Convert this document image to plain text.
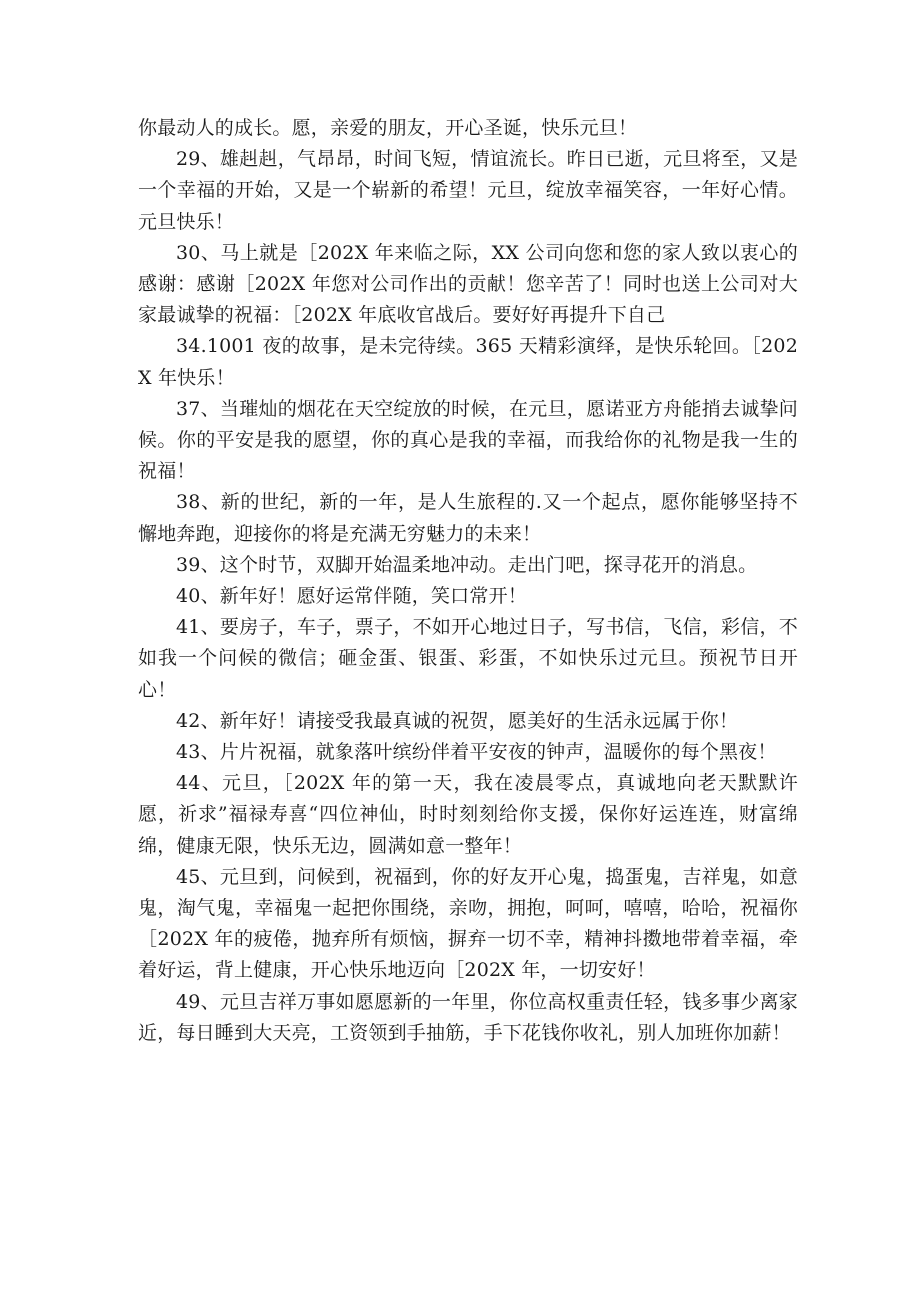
你最动人的成长。愿，亲爱的朋友，开心圣诞，快乐元旦！

29、雄赳赳，气昂昂，时间飞短，情谊流长。昨日已逝，元旦将至，又是一个幸福的开始，又是一个崭新的希望！元旦，绽放幸福笑容，一年好心情。元旦快乐！

30、马上就是［202X 年来临之际，XX 公司向您和您的家人致以衷心的感谢：感谢［202X 年您对公司作出的贡献！您辛苦了！同时也送上公司对大家最诚挚的祝福：［202X 年底收官战后。要好好再提升下自己

34.1001 夜的故事，是未完待续。365 天精彩演绎，是快乐轮回。［202X 年快乐！

37、当璀灿的烟花在天空绽放的时候，在元旦，愿诺亚方舟能捎去诚挚问候。你的平安是我的愿望，你的真心是我的幸福，而我给你的礼物是我一生的祝福！

38、新的世纪，新的一年，是人生旅程的.又一个起点，愿你能够坚持不懈地奔跑，迎接你的将是充满无穷魅力的未来！

39、这个时节，双脚开始温柔地冲动。走出门吧，探寻花开的消息。

40、新年好！愿好运常伴随，笑口常开！

41、要房子，车子，票子，不如开心地过日子，写书信，飞信，彩信，不如我一个问候的微信；砸金蛋、银蛋、彩蛋，不如快乐过元旦。预祝节日开心！

42、新年好！请接受我最真诚的祝贺，愿美好的生活永远属于你！

43、片片祝福，就象落叶缤纷伴着平安夜的钟声，温暖你的每个黑夜！

44、元旦，［202X 年的第一天，我在凌晨零点，真诚地向老天默默许愿，祈求”福禄寿喜“四位神仙，时时刻刻给你支援，保你好运连连，财富绵绵，健康无限，快乐无边，圆满如意一整年！

45、元旦到，问候到，祝福到，你的好友开心鬼，捣蛋鬼，吉祥鬼，如意鬼，淘气鬼，幸福鬼一起把你围绕，亲吻，拥抱，呵呵，嘻嘻，哈哈，祝福你［202X 年的疲倦，抛弃所有烦恼，摒弃一切不幸，精神抖擞地带着幸福，牵着好运，背上健康，开心快乐地迈向［202X 年，一切安好！

49、元旦吉祥万事如愿愿新的一年里，你位高权重责任轻，钱多事少离家近，每日睡到大天亮，工资领到手抽筋，手下花钱你收礼，别人加班你加薪！
